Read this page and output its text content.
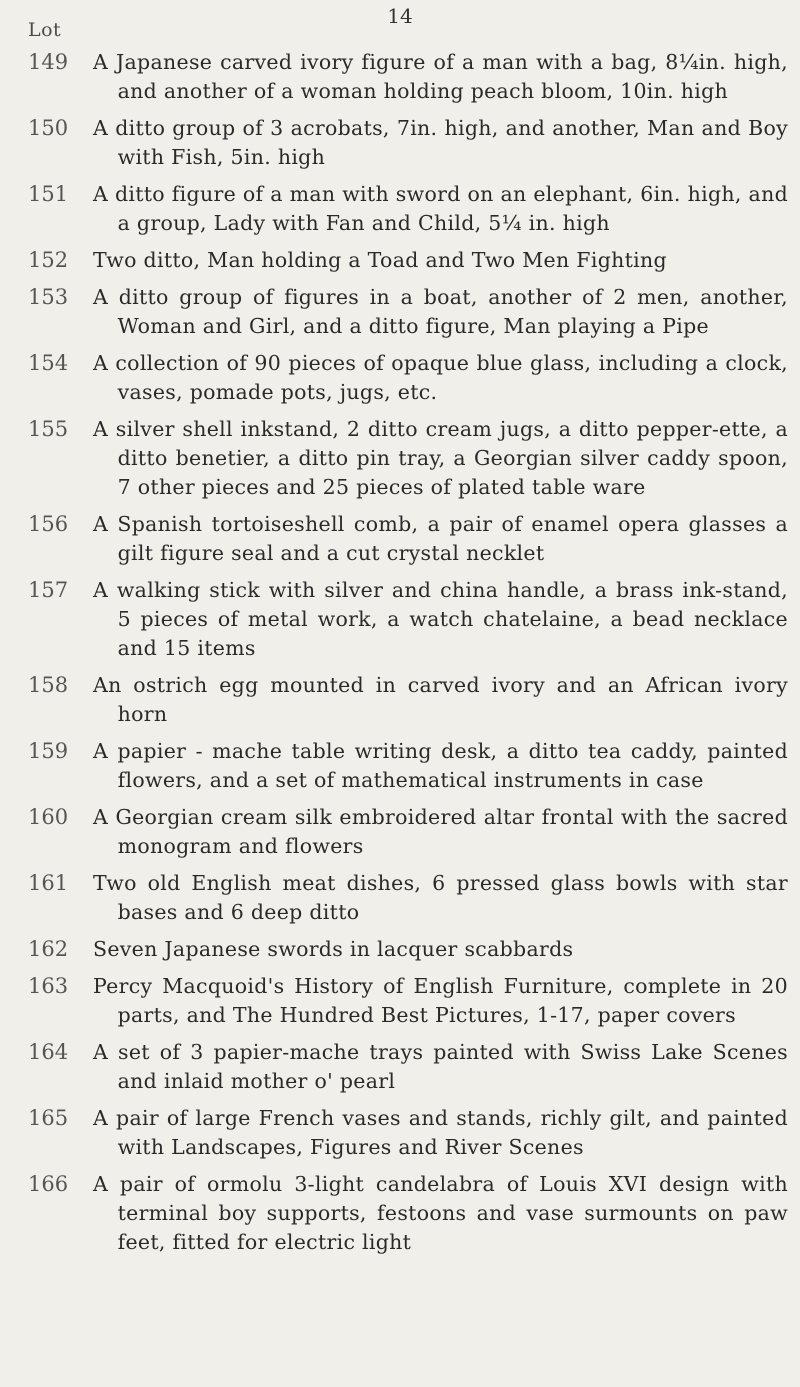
14
Lot
149	A Japanese carved ivory figure of a man with a bag, 8¼in. high, and another of a woman holding peach bloom, 10in. high
150	A ditto group of 3 acrobats, 7in. high, and another, Man and Boy with Fish, 5in. high
151	A ditto figure of a man with sword on an elephant, 6in. high, and a group, Lady with Fan and Child, 5¼ in. high
152	Two ditto, Man holding a Toad and Two Men Fighting
153	A ditto group of figures in a boat, another of 2 men, another, Woman and Girl, and a ditto figure, Man playing a Pipe
154	A collection of 90 pieces of opaque blue glass, including a clock, vases, pomade pots, jugs, etc.
155	A silver shell inkstand, 2 ditto cream jugs, a ditto pepper-ette, a ditto benetier, a ditto pin tray, a Georgian silver caddy spoon, 7 other pieces and 25 pieces of plated table ware
156	A Spanish tortoiseshell comb, a pair of enamel opera glasses a gilt figure seal and a cut crystal necklet
157	A walking stick with silver and china handle, a brass ink-stand, 5 pieces of metal work, a watch chatelaine, a bead necklace and 15 items
158	An ostrich egg mounted in carved ivory and an African ivory horn
159	A papier - mache table writing desk, a ditto tea caddy, painted flowers, and a set of mathematical instruments in case
160	A Georgian cream silk embroidered altar frontal with the sacred monogram and flowers
161	Two old English meat dishes, 6 pressed glass bowls with star bases and 6 deep ditto
162	Seven Japanese swords in lacquer scabbards
163	Percy Macquoid's History of English Furniture, complete in 20 parts, and The Hundred Best Pictures, 1-17, paper covers
164	A set of 3 papier-mache trays painted with Swiss Lake Scenes and inlaid mother o' pearl
165	A pair of large French vases and stands, richly gilt, and painted with Landscapes, Figures and River Scenes
166	A pair of ormolu 3-light candelabra of Louis XVI design with terminal boy supports, festoons and vase surmounts on paw feet, fitted for electric light
